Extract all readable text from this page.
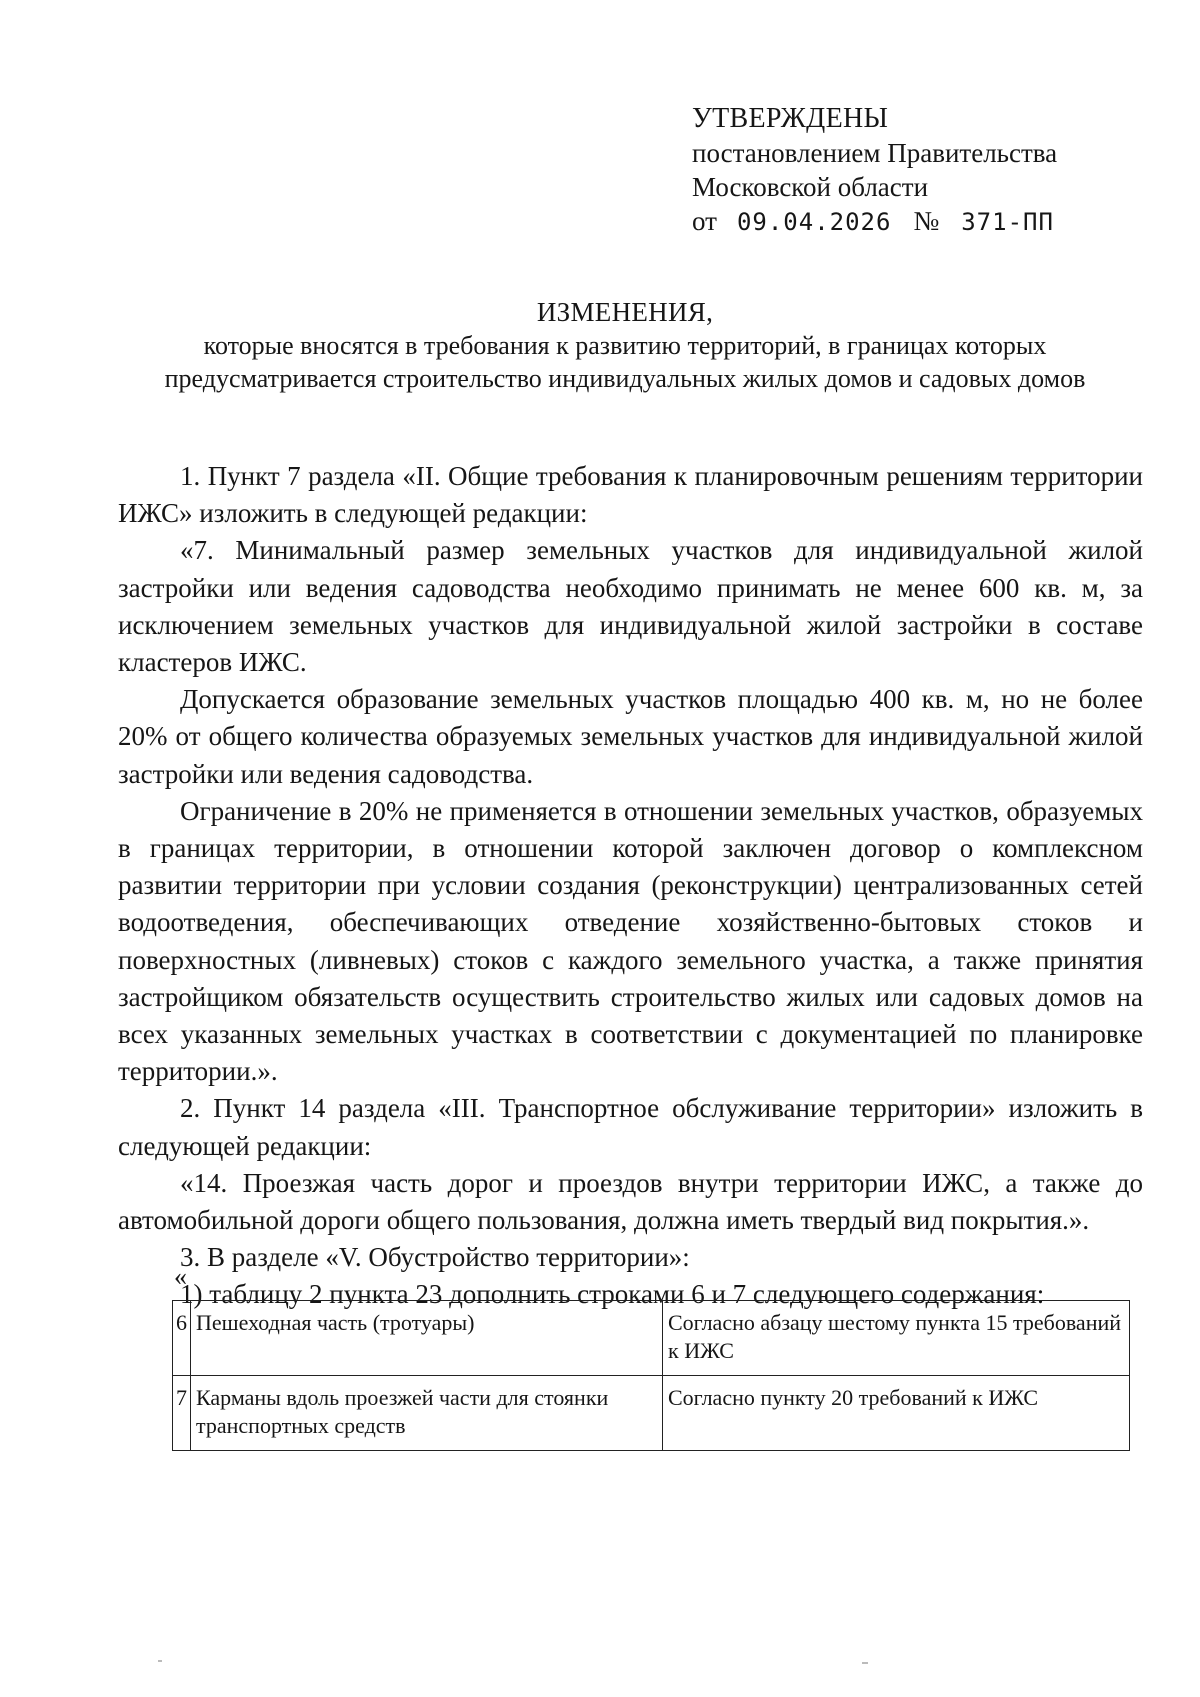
УТВЕРЖДЕНЫ
постановлением Правительства
Московской области
от 09.04.2026 № 371-ПП
ИЗМЕНЕНИЯ,
которые вносятся в требования к развитию территорий, в границах которых
предусматривается строительство индивидуальных жилых домов и садовых домов

1. Пункт 7 раздела «II. Общие требования к планировочным решениям территории ИЖС» изложить в следующей редакции:

«7. Минимальный размер земельных участков для индивидуальной жилой застройки или ведения садоводства необходимо принимать не менее 600 кв. м, за исключением земельных участков для индивидуальной жилой застройки в составе кластеров ИЖС.

Допускается образование земельных участков площадью 400 кв. м, но не более 20% от общего количества образуемых земельных участков для индивидуальной жилой застройки или ведения садоводства.

Ограничение в 20% не применяется в отношении земельных участков, образуемых в границах территории, в отношении которой заключен договор о комплексном развитии территории при условии создания (реконструкции) централизованных сетей водоотведения, обеспечивающих отведение хозяйственно-бытовых стоков и поверхностных (ливневых) стоков с каждого земельного участка, а также принятия застройщиком обязательств осуществить строительство жилых или садовых домов на всех указанных земельных участках в соответствии с документацией по планировке территории.».

2. Пункт 14 раздела «III. Транспортное обслуживание территории» изложить в следующей редакции:

«14. Проезжая часть дорог и проездов внутри территории ИЖС, а также до автомобильной дороги общего пользования, должна иметь твердый вид покрытия.».

3. В разделе «V. Обустройство территории»:

1) таблицу 2 пункта 23 дополнить строками 6 и 7 следующего содержания:

«
6	Пешеходная часть (тротуары)	Согласно абзацу шестому пункта 15 требований к ИЖС
7	Карманы вдоль проезжей части для стоянки транспортных средств	Согласно пункту 20 требований к ИЖС
